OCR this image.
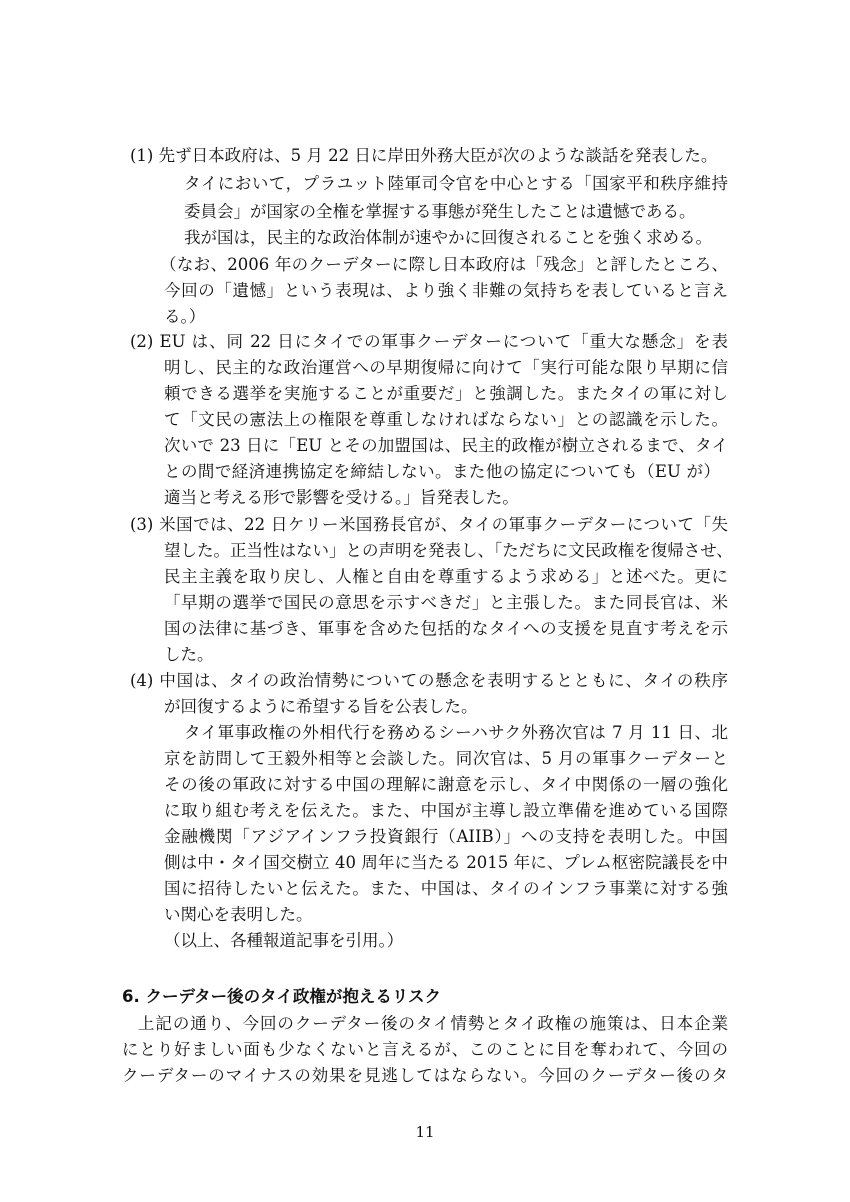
(1) 先ず日本政府は、5 月 22 日に岸田外務大臣が次のような談話を発表した。
タイにおいて，プラユット陸軍司令官を中心とする「国家平和秩序維持
委員会」が国家の全権を掌握する事態が発生したことは遺憾である。
我が国は，民主的な政治体制が速やかに回復されることを強く求める。
（なお、2006 年のクーデターに際し日本政府は「残念」と評したところ、
今回の「遺憾」という表現は、より強く非難の気持ちを表していると言え
る。）
(2) EU は、同 22 日にタイでの軍事クーデターについて「重大な懸念」を表
明し、民主的な政治運営への早期復帰に向けて「実行可能な限り早期に信
頼できる選挙を実施することが重要だ」と強調した。またタイの軍に対し
て「文民の憲法上の権限を尊重しなければならない」との認識を示した。
次いで 23 日に「EU とその加盟国は、民主的政権が樹立されるまで、タイ
との間で経済連携協定を締結しない。また他の協定についても（EU が）
適当と考える形で影響を受ける。」旨発表した。
(3) 米国では、22 日ケリー米国務長官が、タイの軍事クーデターについて「失
望した。正当性はない」との声明を発表し、「ただちに文民政権を復帰させ、
民主主義を取り戻し、人権と自由を尊重するよう求める」と述べた。更に
「早期の選挙で国民の意思を示すべきだ」と主張した。また同長官は、米
国の法律に基づき、軍事を含めた包括的なタイへの支援を見直す考えを示
した。
(4) 中国は、タイの政治情勢についての懸念を表明するとともに、タイの秩序
が回復するように希望する旨を公表した。
タイ軍事政権の外相代行を務めるシーハサク外務次官は 7 月 11 日、北
京を訪問して王毅外相等と会談した。同次官は、5 月の軍事クーデターと
その後の軍政に対する中国の理解に謝意を示し、タイ中関係の一層の強化
に取り組む考えを伝えた。また、中国が主導し設立準備を進めている国際
金融機関「アジアインフラ投資銀行（AIIB）」への支持を表明した。中国
側は中・タイ国交樹立 40 周年に当たる 2015 年に、プレム枢密院議長を中
国に招待したいと伝えた。また、中国は、タイのインフラ事業に対する強
い関心を表明した。
（以上、各種報道記事を引用。）
6. クーデター後のタイ政権が抱えるリスク
上記の通り、今回のクーデター後のタイ情勢とタイ政権の施策は、日本企業
にとり好ましい面も少なくないと言えるが、このことに目を奪われて、今回の
クーデターのマイナスの効果を見逃してはならない。今回のクーデター後のタ
11
